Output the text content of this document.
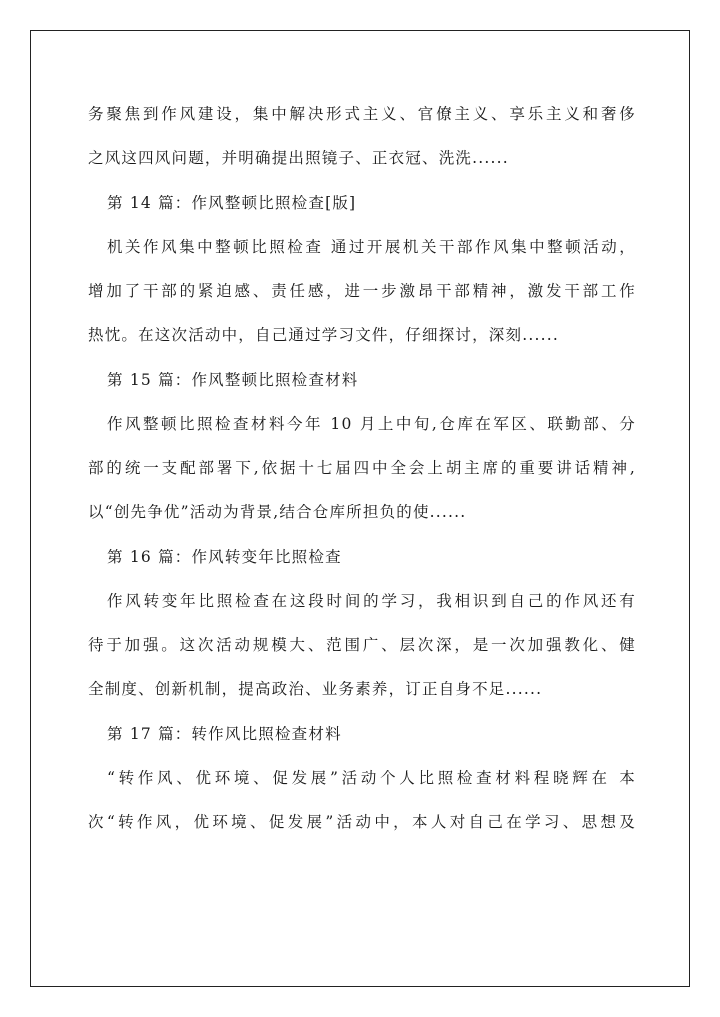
务聚焦到作风建设，集中解决形式主义、官僚主义、享乐主义和奢侈
之风这四风问题，并明确提出照镜子、正衣冠、洗洗......
第 14 篇：作风整顿比照检查[版]
机关作风集中整顿比照检查 通过开展机关干部作风集中整顿活动，
增加了干部的紧迫感、责任感，进一步激昂干部精神，激发干部工作
热忱。在这次活动中，自己通过学习文件，仔细探讨，深刻......
第 15 篇：作风整顿比照检查材料
作风整顿比照检查材料今年 10 月上中旬,仓库在军区、联勤部、分
部的统一支配部署下,依据十七届四中全会上胡主席的重要讲话精神,
以“创先争优”活动为背景,结合仓库所担负的使......
第 16 篇：作风转变年比照检查
作风转变年比照检查在这段时间的学习，我相识到自己的作风还有
待于加强。这次活动规模大、范围广、层次深，是一次加强教化、健
全制度、创新机制，提高政治、业务素养，订正自身不足......
第 17 篇：转作风比照检查材料
“转作风、优环境、促发展”活动个人比照检查材料程晓辉在 本
次“转作风，优环境、促发展”活动中，本人对自己在学习、思想及
